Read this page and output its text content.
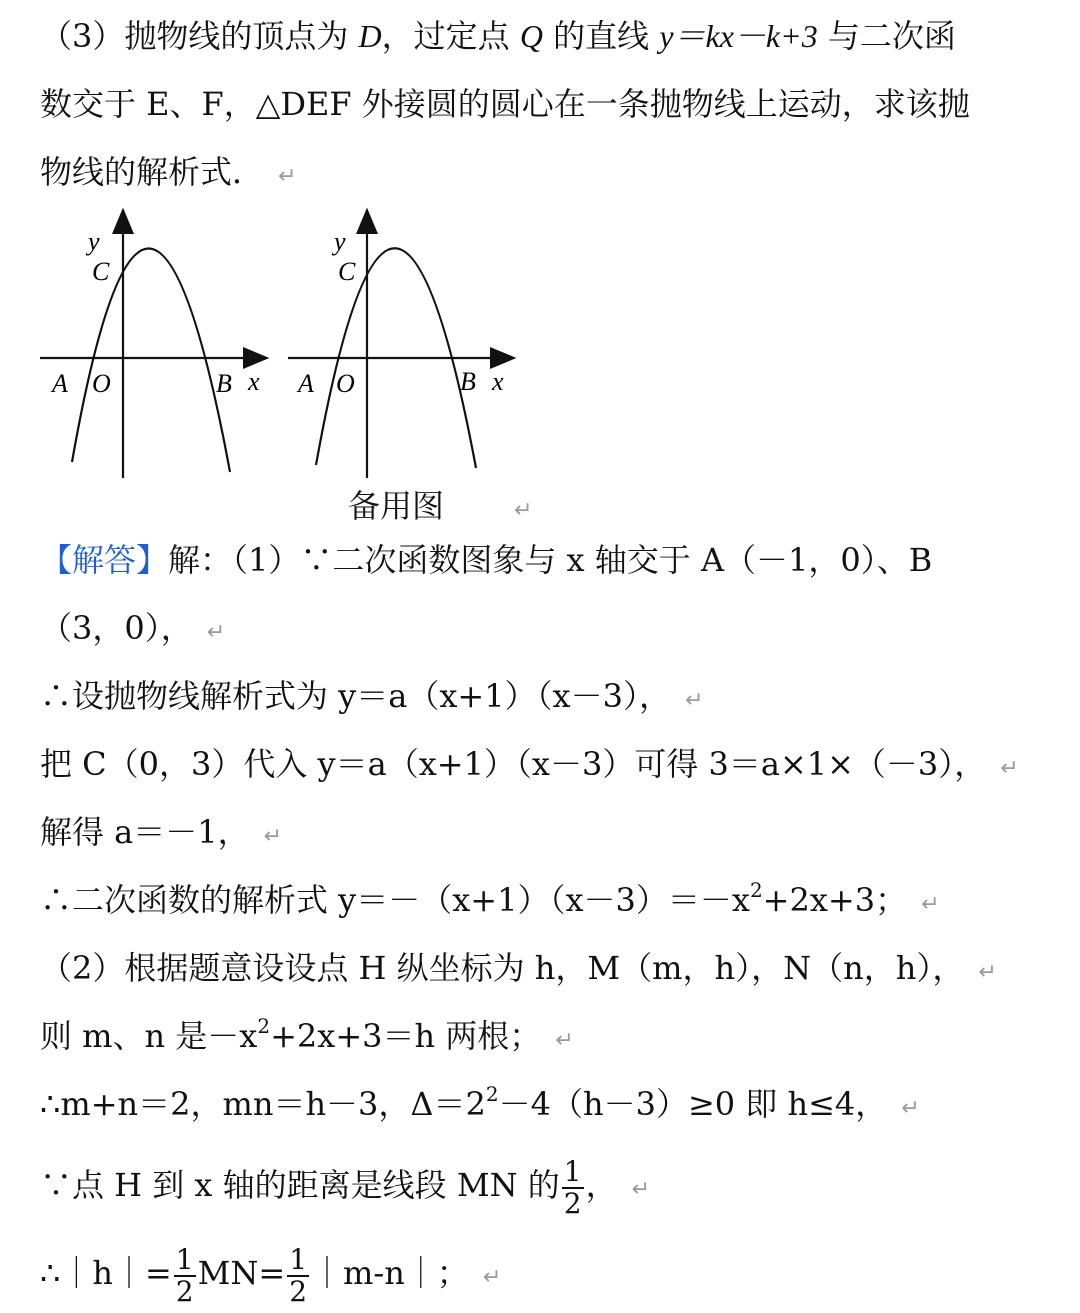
（3）抛物线的顶点为 D，过定点 Q 的直线 y＝kx－k+3 与二次函
数交于 E、F，△DEF 外接圆的圆心在一条抛物线上运动，求该抛
物线的解析式． ↵
y
C
A O	B x
y
C
A O	B x
备用图	↵
【解答】解：（1）∵二次函数图象与 x 轴交于 A（－1，0）、B
（3，0）， ↵
∴设抛物线解析式为 y＝a（x+1）（x－3）， ↵
把 C（0，3）代入 y＝a（x+1）（x－3）可得 3＝a×1×（－3）， ↵
解得 a＝－1， ↵
∴二次函数的解析式 $y=-(x+1)(x-3)=-x^2+2x+3$； ↵
（2）根据题意设设点 H 纵坐标为 h，M（m，h），N（n，h）， ↵
则 m、n 是$-x^2+2x+3=h$ 两根； ↵
∴m+n＝2，mn＝h－3，$\Delta=2^2-4(h-3)\ge 0$ 即 h≤4， ↵
∵点 H 到 x 轴的距离是线段 MN 的 $\frac{1}{2}$ ， ↵
∴｜h｜= $\frac{1}{2} MN= \frac{1}{2}$ ｜m-n｜； ↵
